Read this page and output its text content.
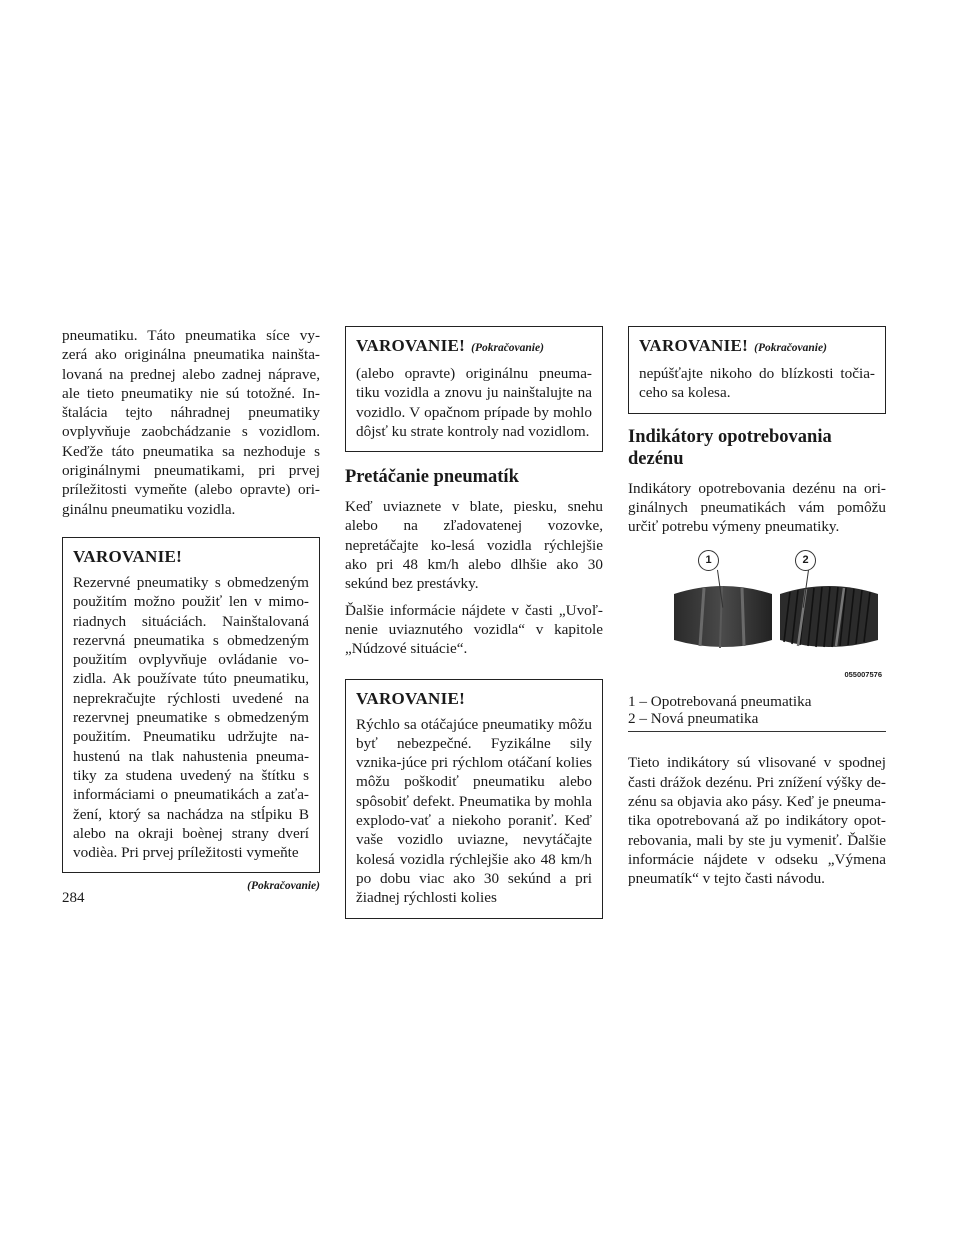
pneumatiku. Táto pneumatika síce vy-zerá ako originálna pneumatika nainšta-lovaná na prednej alebo zadnej náprave, ale tieto pneumatiky nie sú totožné. In-štalácia tejto náhradnej pneumatiky ovplyvňuje zaobchádzanie s vozidlom. Keďže táto pneumatika sa nezhoduje s originálnymi pneumatikami, pri prvej príležitosti vymeňte (alebo opravte) ori-ginálnu pneumatiku vozidla.

VAROVANIE!

Rezervné pneumatiky s obmedzeným použitím možno použiť len v mimo-riadnych situáciách. Nainštalovaná rezervná pneumatika s obmedzeným použitím ovplyvňuje ovládanie vo-zidla. Ak používate túto pneumatiku, neprekračujte rýchlosti uvedené na rezervnej pneumatike s obmedzeným použitím. Pneumatiku udržujte na-hustenú na tlak nahustenia pneuma-tiky za studena uvedený na štítku s informáciami o pneumatikách a zaťa-žení, ktorý sa nachádza na stĺpiku B alebo na okraji boènej strany dverí vodièa. Pri prvej príležitosti vymeňte

(Pokračovanie)
VAROVANIE! (Pokračovanie)

(alebo opravte) originálnu pneuma-tiku vozidla a znovu ju nainštalujte na vozidlo. V opačnom prípade by mohlo dôjsť ku strate kontroly nad vozidlom.

Pretáčanie pneumatík

Keď uviaznete v blate, piesku, snehu alebo na zľadovatenej vozovke, nepretáčajte ko-lesá vozidla rýchlejšie ako pri 48 km/h alebo dlhšie ako 30 sekúnd bez prestávky.

Ďalšie informácie nájdete v časti „Uvoľ-nenie uviaznutého vozidla“ v kapitole „Núdzové situácie“.

VAROVANIE!

Rýchlo sa otáčajúce pneumatiky môžu byť nebezpečné. Fyzikálne sily vznika-júce pri rýchlom otáčaní kolies môžu poškodiť pneumatiku alebo spôsobiť defekt. Pneumatika by mohla explodo-vať a niekoho poraniť. Keď vaše vozidlo uviazne, nevytáčajte kolesá vozidla rýchlejšie ako 48 km/h po dobu viac ako 30 sekúnd a pri žiadnej rýchlosti kolies

VAROVANIE! (Pokračovanie)

nepúšťajte nikoho do blízkosti točia-ceho sa kolesa.

Indikátory opotrebovania dezénu

Indikátory opotrebovania dezénu na ori-ginálnych pneumatikách vám pomôžu určiť potrebu výmeny pneumatiky.

1	2
055007576
1 – Opotrebovaná pneumatika
2 – Nová pneumatika

Tieto indikátory sú vlisované v spodnej časti drážok dezénu. Pri znížení výšky de-zénu sa objavia ako pásy. Keď je pneuma-tika opotrebovaná až po indikátory opot-rebovania, mali by ste ju vymeniť. Ďalšie informácie nájdete v odseku „Výmena pneumatík“ v tejto časti návodu.

284
